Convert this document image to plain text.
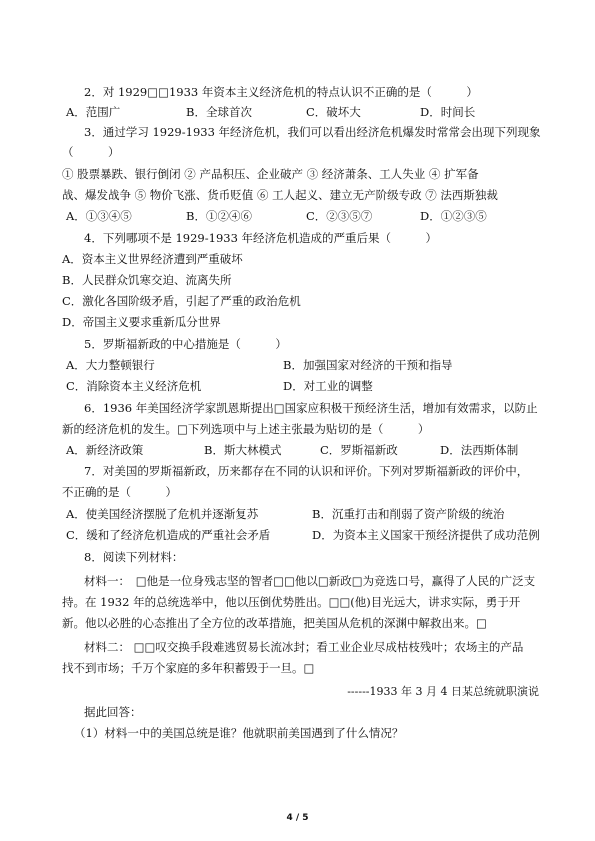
2．对 1929□□1933 年资本主义经济危机的特点认识不正确的是（　　　）
A．范围广	B．全球首次	C．破坏大	D．时间长
3．通过学习 1929-1933 年经济危机，我们可以看出经济危机爆发时常常会出现下列现象
（　　　）
① 股票暴跌、银行倒闭 ② 产品积压、企业破产 ③ 经济萧条、工人失业 ④ 扩军备
战、爆发战争 ⑤ 物价飞涨、货币贬值 ⑥ 工人起义、建立无产阶级专政 ⑦ 法西斯独裁
A．①③④⑤	B．①②④⑥	C．②③⑤⑦	D．①②③⑤
4．下列哪项不是 1929-1933 年经济危机造成的严重后果（　　　）
A．资本主义世界经济遭到严重破坏
B．人民群众饥寒交迫、流离失所
C．激化各国阶级矛盾，引起了严重的政治危机
D．帝国主义要求重新瓜分世界
5．罗斯福新政的中心措施是（　　　）
A．大力整顿银行	B．加强国家对经济的干预和指导
C．消除资本主义经济危机	D．对工业的调整
6．1936 年美国经济学家凯恩斯提出□国家应积极干预经济生活，增加有效需求，以防止
新的经济危机的发生。□下列选项中与上述主张最为贴切的是（　　　）
A．新经济政策	B．斯大林模式	C．罗斯福新政	D．法西斯体制
7．对美国的罗斯福新政，历来都存在不同的认识和评价。下列对罗斯福新政的评价中，
不正确的是（　　　）
A．使美国经济摆脱了危机并逐渐复苏	B．沉重打击和削弱了资产阶级的统治
C．缓和了经济危机造成的严重社会矛盾	D．为资本主义国家干预经济提供了成功范例
8．阅读下列材料：
材料一：　□他是一位身残志坚的智者□□他以□新政□为竞选口号，赢得了人民的广泛支
持。在 1932 年的总统选举中，他以压倒优势胜出。□□(他)目光远大，讲求实际，勇于开
新。他以必胜的心态推出了全方位的改革措施，把美国从危机的深渊中解救出来。□
材料二： □□叹交换手段难逃贸易长流冰封；看工业企业尽成枯枝残叶；农场主的产品
找不到市场；千万个家庭的多年积蓄毁于一旦。□
------1933 年 3 月 4 日某总统就职演说
据此回答：
（1）材料一中的美国总统是谁？他就职前美国遇到了什么情况？
4 / 5
